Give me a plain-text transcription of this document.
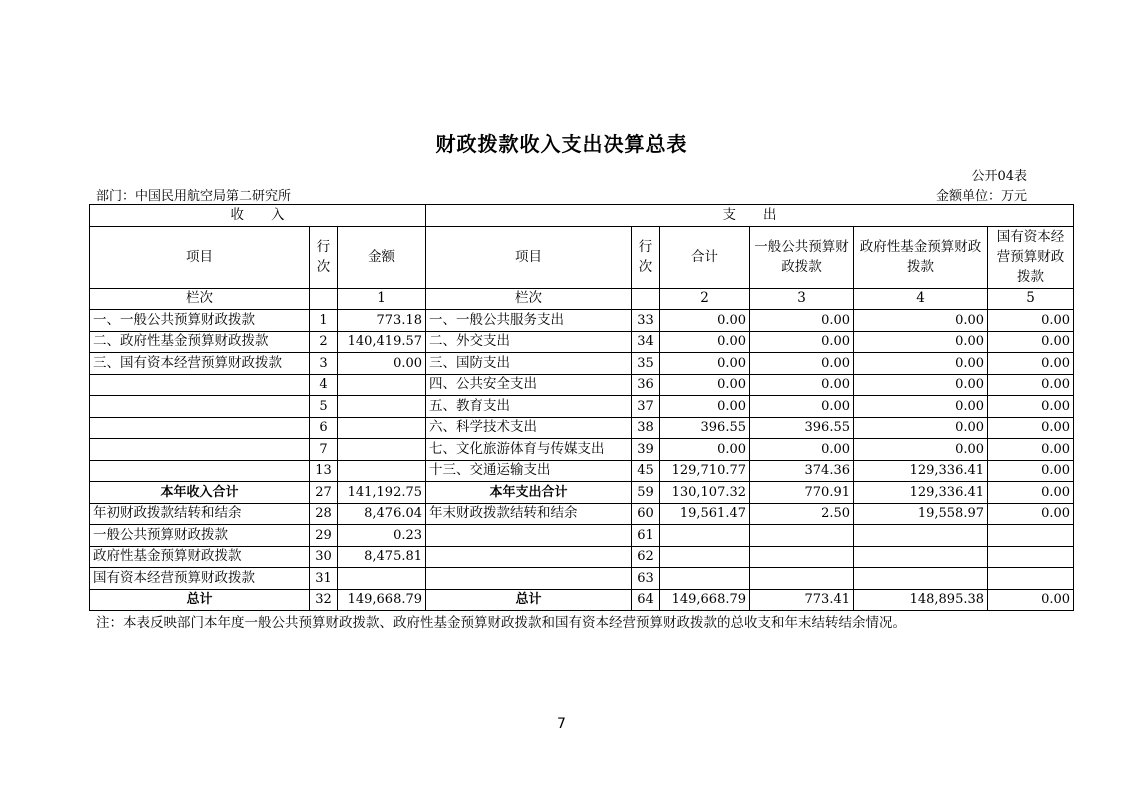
财政拨款收入支出决算总表
公开04表
部门：中国民用航空局第二研究所	金额单位：万元
收　　入			支　　出					
项目	行次	金额	项目	行次	合计	一般公共预算财政拨款	政府性基金预算财政拨款	国有资本经营预算财政拨款
栏次		1	栏次		2	3	4	5
一、一般公共预算财政拨款	1	773.18	一、一般公共服务支出	33	0.00	0.00	0.00	0.00
二、政府性基金预算财政拨款	2	140,419.57	二、外交支出	34	0.00	0.00	0.00	0.00
三、国有资本经营预算财政拨款	3	0.00	三、国防支出	35	0.00	0.00	0.00	0.00
	4		四、公共安全支出	36	0.00	0.00	0.00	0.00
	5		五、教育支出	37	0.00	0.00	0.00	0.00
	6		六、科学技术支出	38	396.55	396.55	0.00	0.00
	7		七、文化旅游体育与传媒支出	39	0.00	0.00	0.00	0.00
	13		十三、交通运输支出	45	129,710.77	374.36	129,336.41	0.00
本年收入合计	27	141,192.75	本年支出合计	59	130,107.32	770.91	129,336.41	0.00
年初财政拨款结转和结余	28	8,476.04	年末财政拨款结转和结余	60	19,561.47	2.50	19,558.97	0.00
一般公共预算财政拨款	29	0.23		61				
政府性基金预算财政拨款	30	8,475.81		62				
国有资本经营预算财政拨款	31			63				
总计	32	149,668.79	总计	64	149,668.79	773.41	148,895.38	0.00
注：本表反映部门本年度一般公共预算财政拨款、政府性基金预算财政拨款和国有资本经营预算财政拨款的总收支和年末结转结余情况。
7
